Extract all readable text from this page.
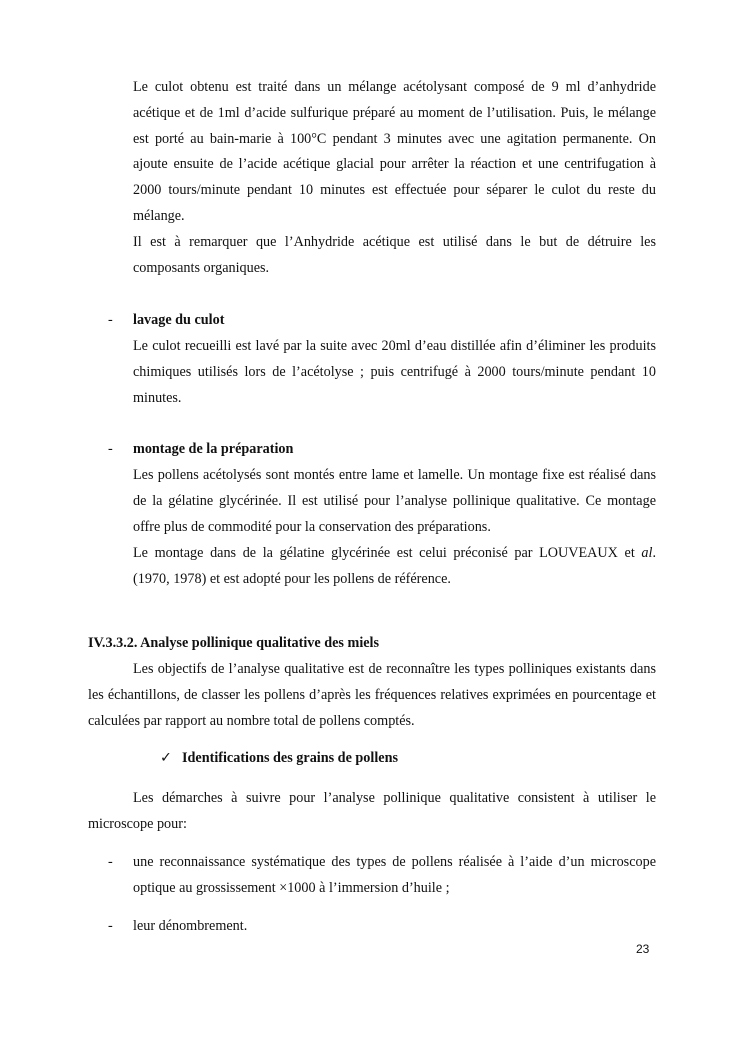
Le culot obtenu est traité dans un mélange acétolysant composé de 9 ml d’anhydride acétique et de 1ml d’acide sulfurique préparé au moment de l’utilisation. Puis, le mélange est porté au bain-marie à 100°C pendant 3 minutes avec une agitation permanente. On ajoute ensuite de l’acide acétique glacial pour arrêter la réaction et une centrifugation à 2000 tours/minute pendant 10 minutes est effectuée pour séparer le culot du reste du mélange.

Il est à remarquer que l’Anhydride acétique est utilisé dans le but de détruire les composants organiques.

- lavage du culot

Le culot recueilli est lavé par la suite avec 20ml d’eau distillée afin d’éliminer les produits chimiques utilisés lors de l’acétolyse ; puis centrifugé à 2000 tours/minute pendant 10 minutes.

- montage de la préparation

Les pollens acétolysés sont montés entre lame et lamelle. Un montage fixe est réalisé dans de la gélatine glycérinée. Il est utilisé pour l’analyse pollinique qualitative. Ce montage offre plus de commodité pour la conservation des préparations.

Le montage dans de la gélatine glycérinée est celui préconisé par LOUVEAUX et al. (1970, 1978) et est adopté pour les pollens de référence.

IV.3.3.2. Analyse pollinique qualitative des miels

Les objectifs de l’analyse qualitative est de reconnaître les types polliniques existants dans les échantillons, de classer les pollens d’après les fréquences relatives exprimées en pourcentage et calculées par rapport au nombre total de pollens comptés.

✓ Identifications des grains de pollens

Les démarches à suivre pour l’analyse pollinique qualitative consistent à utiliser le microscope pour:

- une reconnaissance systématique des types de pollens réalisée à l’aide d’un microscope optique au grossissement ×1000 à l’immersion d’huile ;

- leur dénombrement.

23
